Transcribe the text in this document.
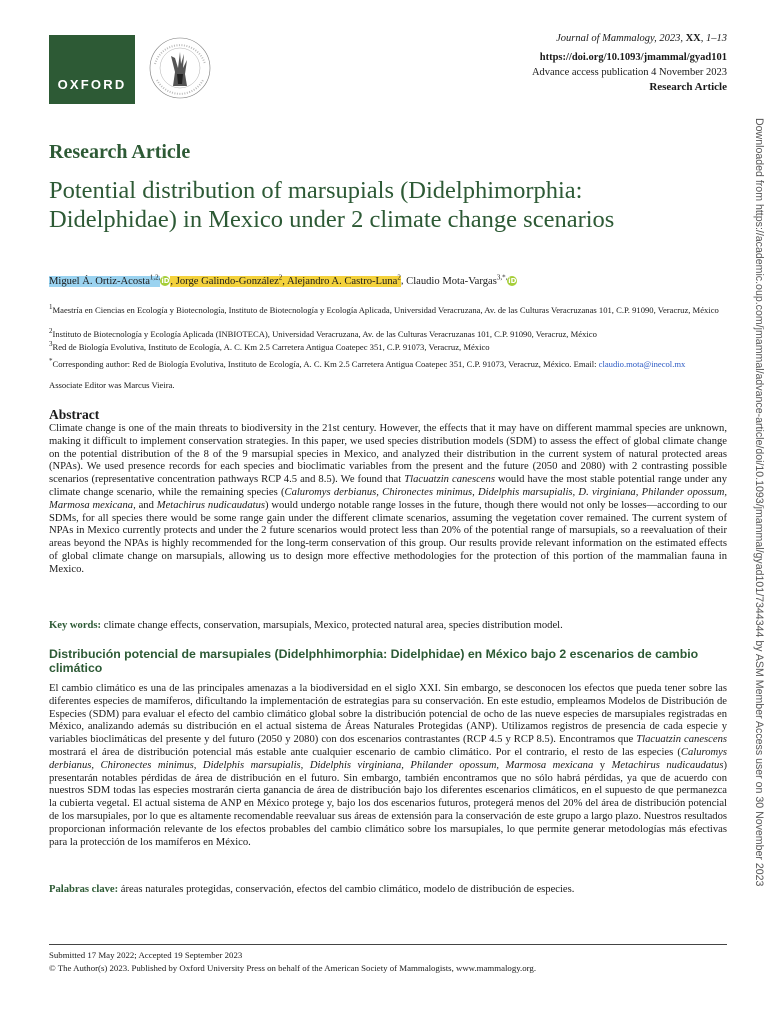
OXFORD
Journal of Mammalogy, 2023, XX, 1–13
https://doi.org/10.1093/jmammal/gyad101
Advance access publication 4 November 2023
Research Article
Research Article
Potential distribution of marsupials (Didelphimorphia: Didelphidae) in Mexico under 2 climate change scenarios
Miguel Á. Ortiz-Acosta$^{1,2,}$iD, Jorge Galindo-González$^2$, Alejandro A. Castro-Luna$^2$, Claudio Mota-Vargas$^{3,*,}$iD
$^1$Maestría en Ciencias en Ecología y Biotecnología, Instituto de Biotecnología y Ecología Aplicada, Universidad Veracruzana, Av. de las Culturas Veracruzanas 101, C.P. 91090, Veracruz, México
$^2$Instituto de Biotecnología y Ecología Aplicada (INBIOTECA), Universidad Veracruzana, Av. de las Culturas Veracruzanas 101, C.P. 91090, Veracruz, México
$^3$Red de Biología Evolutiva, Instituto de Ecología, A. C. Km 2.5 Carretera Antigua Coatepec 351, C.P. 91073, Veracruz, México
*Corresponding author: Red de Biología Evolutiva, Instituto de Ecología, A. C. Km 2.5 Carretera Antigua Coatepec 351, C.P. 91073, Veracruz, México. Email: claudio.mota@inecol.mx
Associate Editor was Marcus Vieira.
Abstract
Climate change is one of the main threats to biodiversity in the 21st century. However, the effects that it may have on different mammal species are unknown, making it difficult to implement conservation strategies. In this paper, we used species distribution models (SDM) to assess the effect of global climate change on the potential distribution of the 8 of the 9 marsupial species in Mexico, and analyzed their distribution in the current system of natural protected areas (NPAs). We used presence records for each species and bioclimatic variables from the present and the future (2050 and 2080) with 2 contrasting possible scenarios (representative concentration pathways RCP 4.5 and 8.5). We found that Tlacuatzin canescens would have the most stable potential range under any climate change scenario, while the remaining species (Caluromys derbianus, Chironectes minimus, Didelphis marsupialis, D. virginiana, Philander opossum, Marmosa mexicana, and Metachirus nudicaudatus) would undergo notable range losses in the future, though there would not only be losses—according to our SDMs, for all species there would be some range gain under the different climate scenarios, assuming the vegetation cover remained. The current system of NPAs in Mexico currently protects and under the 2 future scenarios would protect less than 20% of the potential range of marsupials, so a reevaluation of their areas beyond the NPAs is highly recommended for the long-term conservation of this group. Our results provide relevant information on the estimated effects of global climate change on marsupials, allowing us to design more effective methodologies for the protection of this portion of the mammalian fauna in Mexico.
Key words: climate change effects, conservation, marsupials, Mexico, protected natural area, species distribution model.
Distribución potencial de marsupiales (Didelphhimorphia: Didelphidae) en México bajo 2 escenarios de cambio climático
El cambio climático es una de las principales amenazas a la biodiversidad en el siglo XXI. Sin embargo, se desconocen los efectos que pueda tener sobre las diferentes especies de mamíferos, dificultando la implementación de estrategias para su conservación. En este estudio, empleamos Modelos de Distribución de Especies (SDM) para evaluar el efecto del cambio climático global sobre la distribución potencial de ocho de las nueve especies de marsupiales registradas en México, analizando además su distribución en el actual sistema de Áreas Naturales Protegidas (ANP). Utilizamos registros de presencia de cada especie y variables bioclimáticas del presente y del futuro (2050 y 2080) con dos escenarios contrastantes (RCP 4.5 y RCP 8.5). Encontramos que Tlacuatzin canescens mostrará el área de distribución potencial más estable ante cualquier escenario de cambio climático. Por el contrario, el resto de las especies (Caluromys derbianus, Chironectes minimus, Didelphis marsupialis, Didelphis virginiana, Philander opossum, Marmosa mexicana y Metachirus nudicaudatus) presentarán notables pérdidas de área de distribución en el futuro. Sin embargo, también encontramos que no sólo habrá pérdidas, ya que de acuerdo con nuestros SDM todas las especies mostrarán cierta ganancia de área de distribución bajo los diferentes escenarios climáticos, en el supuesto de que permanezca la cubierta vegetal. El actual sistema de ANP en México protege y, bajo los dos escenarios futuros, protegerá menos del 20% del área de distribución potencial de los marsupiales, por lo que es altamente recomendable reevaluar sus áreas de extensión para la conservación de este grupo a largo plazo. Nuestros resultados proporcionan información relevante de los efectos probables del cambio climático sobre los marsupiales, lo que permite generar metodologías más efectivas para la protección de los mamíferos en México.
Palabras clave: áreas naturales protegidas, conservación, efectos del cambio climático, modelo de distribución de especies.
Submitted 17 May 2022; Accepted 19 September 2023
© The Author(s) 2023. Published by Oxford University Press on behalf of the American Society of Mammalogists, www.mammalogy.org.
Downloaded from https://academic.oup.com/jmammal/advance-article/doi/10.1093/jmammal/gyad101/7344344 by ASM Member Access user on 30 November 2023
